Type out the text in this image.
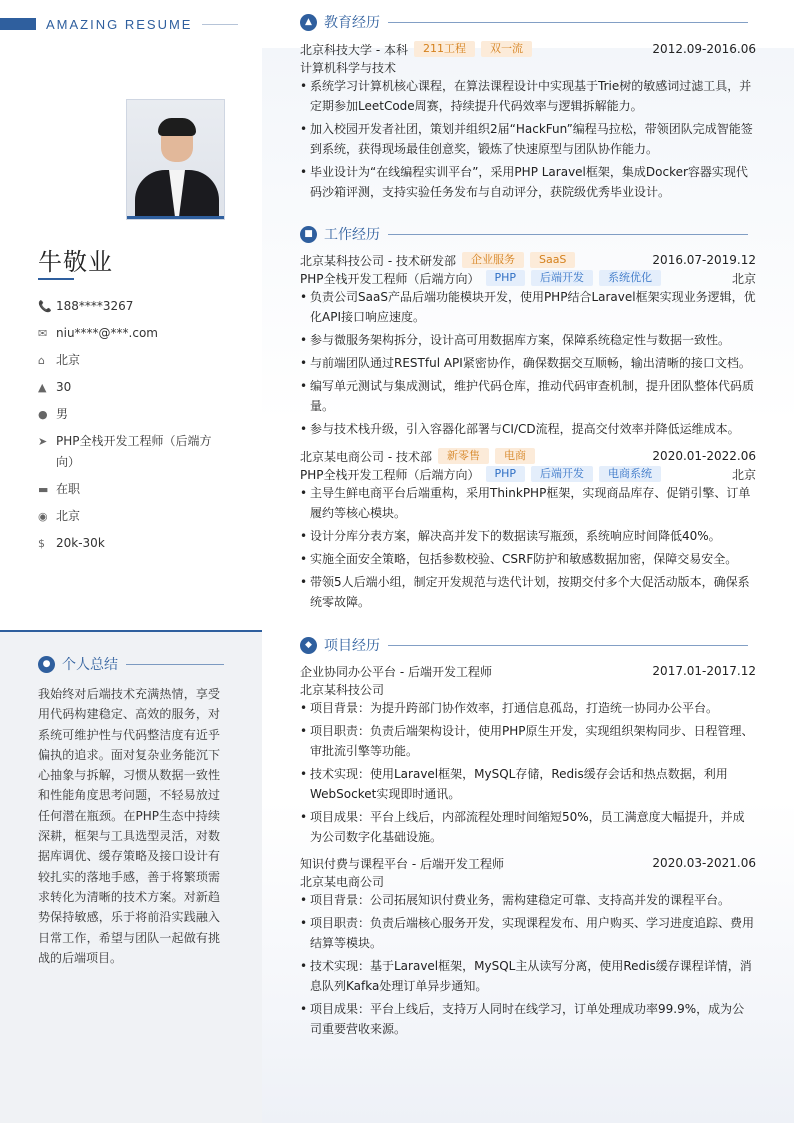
AMAZING RESUME
牛敬业
📞 188****3267
✉ niu****@***.com
⌂ 北京
▲ 30
● 男
➤ PHP全栈开发工程师（后端方向）
▬ 在职
◉ 北京
$ 20k-30k
● 个人总结
我始终对后端技术充满热情，享受用代码构建稳定、高效的服务，对系统可维护性与代码整洁度有近乎偏执的追求。面对复杂业务能沉下心抽象与拆解，习惯从数据一致性和性能角度思考问题，不轻易放过任何潜在瓶颈。在PHP生态中持续深耕，框架与工具选型灵活，对数据库调优、缓存策略及接口设计有较扎实的落地手感，善于将繁琐需求转化为清晰的技术方案。对新趋势保持敏感，乐于将前沿实践融入日常工作，希望与团队一起做有挑战的后端项目。
▲ 教育经历
北京科技大学 - 本科	211工程	双一流	2012.09-2016.06
计算机科学与技术
• 系统学习计算机核心课程，在算法课程设计中实现基于Trie树的敏感词过滤工具，并定期参加LeetCode周赛，持续提升代码效率与逻辑拆解能力。
• 加入校园开发者社团，策划并组织2届“HackFun”编程马拉松，带领团队完成智能签到系统，获得现场最佳创意奖，锻炼了快速原型与团队协作能力。
• 毕业设计为“在线编程实训平台”，采用PHP Laravel框架，集成Docker容器实现代码沙箱评测，支持实验任务发布与自动评分，获院级优秀毕业设计。
■ 工作经历
北京某科技公司 - 技术研发部	企业服务	SaaS	2016.07-2019.12
PHP全栈开发工程师（后端方向）	PHP	后端开发	系统优化	北京
• 负责公司SaaS产品后端功能模块开发，使用PHP结合Laravel框架实现业务逻辑，优化API接口响应速度。
• 参与微服务架构拆分，设计高可用数据库方案，保障系统稳定性与数据一致性。
• 与前端团队通过RESTful API紧密协作，确保数据交互顺畅，输出清晰的接口文档。
• 编写单元测试与集成测试，维护代码仓库，推动代码审查机制，提升团队整体代码质量。
• 参与技术栈升级，引入容器化部署与CI/CD流程，提高交付效率并降低运维成本。
北京某电商公司 - 技术部	新零售	电商	2020.01-2022.06
PHP全栈开发工程师（后端方向）	PHP	后端开发	电商系统	北京
• 主导生鲜电商平台后端重构，采用ThinkPHP框架，实现商品库存、促销引擎、订单履约等核心模块。
• 设计分库分表方案，解决高并发下的数据读写瓶颈，系统响应时间降低40%。
• 实施全面安全策略，包括参数校验、CSRF防护和敏感数据加密，保障交易安全。
• 带领5人后端小组，制定开发规范与迭代计划，按期交付多个大促活动版本，确保系统零故障。
◆ 项目经历
企业协同办公平台 - 后端开发工程师	2017.01-2017.12
北京某科技公司
• 项目背景：为提升跨部门协作效率，打通信息孤岛，打造统一协同办公平台。
• 项目职责：负责后端架构设计，使用PHP原生开发，实现组织架构同步、日程管理、审批流引擎等功能。
• 技术实现：使用Laravel框架，MySQL存储，Redis缓存会话和热点数据，利用WebSocket实现即时通讯。
• 项目成果：平台上线后，内部流程处理时间缩短50%，员工满意度大幅提升，并成为公司数字化基础设施。
知识付费与课程平台 - 后端开发工程师	2020.03-2021.06
北京某电商公司
• 项目背景：公司拓展知识付费业务，需构建稳定可靠、支持高并发的课程平台。
• 项目职责：负责后端核心服务开发，实现课程发布、用户购买、学习进度追踪、费用结算等模块。
• 技术实现：基于Laravel框架，MySQL主从读写分离，使用Redis缓存课程详情，消息队列Kafka处理订单异步通知。
• 项目成果：平台上线后，支持万人同时在线学习，订单处理成功率99.9%，成为公司重要营收来源。
